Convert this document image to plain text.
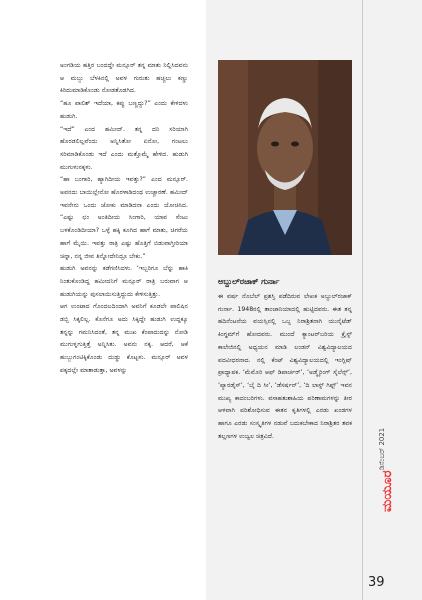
ಅಂಗಡಿಯ ಹತ್ತಿರ ಬಂದದ್ದೇ ಮನ್ಸೂರ್ ತನ್ನ ಮಾತು ನಿಲ್ಲಿಸಿದವನು ಆ ಮಬ್ಬು ಬೆಳಕಿನಲ್ಲಿ ಅವಳ ಗುರುತು ಹಚ್ಚಲು ಕಣ್ಣು ಕಿರಿದುಮಾಡಿಕೊಂಡು ನೋಡತೊಡಗಿದ.

“ಹೂ ಪಾಲಿಶ್ ಇದೆಯಾ, ಕಪ್ಪು ಬಣ್ಣದ್ದು?” ಎಂದು ಕೇಳಿದಳು ಹುಡುಗಿ.

“ಇದೆ” ಎಂದ ಹಮೀದ್. ತನ್ನ ದನಿ ಸರಿಯಾಗಿ ಹೊರಡಲಿಲ್ಲವೆಂದು ಅನ್ನಿಸಿತೋ ಏನೋ, ಗಂಟಲು ಸರಿಮಾಡಿಕೊಂಡು ಇದೆ ಎಂದು ಮತ್ತೊಮ್ಮೆ ಹೇಳಿದ. ಹುಡುಗಿ ಮುಗುಳುನಕ್ಕಳು.

“ಹಾ ಬಂಗಾರಿ, ಹ್ಯಾಗಿದೀಯ ಇವತ್ತು?” ಎಂದ ಮನ್ಸೂರ್. ಅವನದು ಬಾಯಿಲ್ಲೇನೋ ಹೊರಳಾಡಿದಂಥ ಉಚ್ಚಾರಣೆ. ಹಮೀದ್ ಇವನೇನು ಒಂದು ಜೋಕು ಮಾಡಿದನಾ ಎಂದು ಯೋಚಿಸಿದ. “ಎಷ್ಟು ಛಂ ಅಂತಿದೀಯ ಸಿಂಗಾರಿ, ಯಾವ ಸೆಂಟು ಬಳಕೊಂಡಿದೀಯಾ? ಒಳ್ಳೆ ಹಕ್ಕಿ ಕೂಗಿದ ಹಾಗೆ ಮಾತು, ಚಿಗರೆಯ ಹಾಗೆ ಮೈಯಿ. ಇವತ್ತು ರಾತ್ರಿ ಎಷ್ಟು ಹೊತ್ತಿಗೆ ಬಿಡುವಾಗ್ತೀರಿಯಾ ಚಿನ್ನಾ, ನನ್ನ ಜೀವ ತಿನ್ನೋದೇನಿದ್ರೂ ಬೇಕು.”

ಹುಡುಗಿ ಅವನನ್ನು ಕಡೆಗಣಿಸಿದಳು. ‘ಇಬ್ಬರಿಗೂ ಬೆನ್ನು ಹಾಕಿ ನಿಂತುಕೊಂಡಿದ್ದ ಹಮೀದನಿಗೆ ಮನ್ಸೂರ್ ರಾತ್ರಿ ಬರುವಾಗ ಆ ಹುಡುಗಿಯನ್ನು ಪುಸಲಾಯಿಸುತ್ತಿದ್ದುದು ಕೇಳಿಸುತ್ತಿತ್ತು.

ಆಗ ಉಂಟಾದ ಗೊಂದಲದಿಂದಾಗಿ ಅವನಿಗೆ ಕೂಡಲೇ ಪಾಲಿಷಿನ ಡಬ್ಬಿ ಸಿಕ್ಕಲಿಲ್ಲ. ಕೊನೆಗೂ ಅದು ಸಿಕ್ಕಿದ್ದೇ ಹುಡುಗಿ ಉದ್ದಕ್ಕೂ ತನ್ನನ್ನು ಗಮನಿಸಿದಂತೆ, ತನ್ನ ಮುಖ ಕೆಂಪಾದುದನ್ನು ನೋಡಿ ಮುಗುಳ್ನಗುತ್ತಿತ್ತೆ ಅನ್ನಿಸಿತು. ಅವನು ನಕ್ಕ. ಆದರೆ, ಆಕೆ ಹುಬ್ಬುಗಂಟಿಕ್ಕಿಕೊಂಡು ದುಡ್ಡು ಕೊಟ್ಟಳು. ಮನ್ಸೂರ್ ಅವಳ ಪಕ್ಕದಲ್ಲೇ ಮಾತಾಡುತ್ತಾ, ಅವಳನ್ನು

ಅಬ್ದುಲ್‌ರಜಾಕ್ ಗುರ್ನಾ

ಈ ವರ್ಷ ನೊಬೆಲ್ ಪ್ರಶಸ್ತಿ ಪಡೆದಿರುವ ಲೇಖಕ ಅಬ್ದುಲ್‌ರಜಾಕ್ ಗುರ್ನಾ. 1948ರಲ್ಲಿ ತಾಂಜಾನಿಯಾದಲ್ಲಿ ಹುಟ್ಟಿದವರು. ಈತ ತನ್ನ ಹದಿನೆಂಟನೆಯ ವಯಸ್ಸಿನಲ್ಲಿ ಒಬ್ಬ ನಿರಾಶ್ರಿತನಾಗಿ ಯುನೈಟೆಡ್ ಕಿಂಗ್ಡಮ್‌ಗೆ ಹೋದವರು. ಮುಂದೆ ಕ್ಯಾಂಟರ್‌ಬರಿಯ ಕ್ರೈಸ್ಟ್ ಕಾಲೇಜಿನಲ್ಲಿ ಅಧ್ಯಯನ ಮಾಡಿ ಲಂಡನ್ ವಿಶ್ವವಿದ್ಯಾಲಯದ ಪದವೀಧರನಾದ. ನಲ್ಲಿ ಕೆಂಟ್ ವಿಶ್ವವಿದ್ಯಾಲಯದಲ್ಲಿ ಇಂಗ್ಲಿಷ್ ಪ್ರಾಧ್ಯಾಪಕ. ‘ಮೆಮೊರಿ ಆಫ್ ಡಿಪಾರ್ಚರ್’, ‘ಅಡ್ಮೈರಿಂಗ್ ಸೈಲೆನ್ಸ್’, ‘ಪ್ಯಾರಡೈಸ್’, ‘ಬೈ ದಿ ಸೀ’, ‘ಡೆಸರ್ಷನ್’, ‘ದಿ ಲಾಸ್ಟ್ ಗಿಫ್ಟ್’ ಇವನ ಮುಖ್ಯ ಕಾದಂಬರಿಗಳು. ವಸಾಹತುಶಾಹಿಯ ಪರಿಣಾಮಗಳನ್ನು ತೀರ ಆಳವಾಗಿ ಪರಿಶೋಧಿಸುವ ಈತನ ಕೃತಿಗಳಲ್ಲಿ ಎರಡು ಖಂಡಗಳ ಹಾಗೂ ಎರಡು ಸಂಸ್ಕೃತಿಗಳ ನಡುವೆ ಬದುಕಬೇಕಾದ ನಿರಾಶ್ರಿತರ ತವಕ ತಲ್ಲಣಗಳ ಉಜ್ವಲ ಚಿತ್ರವಿದೆ.	ಡಿಸೆಂಬರ್ 2021
ಮಯೂರ
39
